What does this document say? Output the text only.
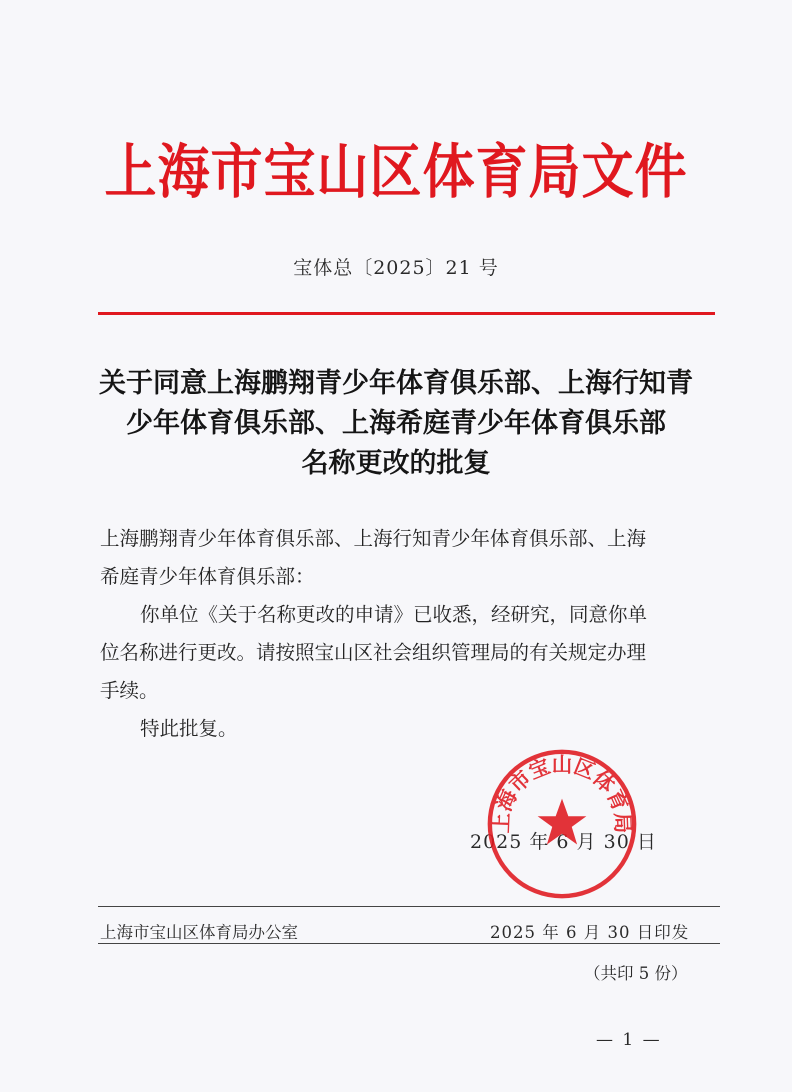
上海市宝山区体育局文件
宝体总〔2025〕21 号
关于同意上海鹏翔青少年体育俱乐部、上海行知青
少年体育俱乐部、上海希庭青少年体育俱乐部
名称更改的批复
上海鹏翔青少年体育俱乐部、上海行知青少年体育俱乐部、上海
希庭青少年体育俱乐部：
你单位《关于名称更改的申请》已收悉，经研究，同意你单
位名称进行更改。请按照宝山区社会组织管理局的有关规定办理
手续。
特此批复。
2025 年 6 月 30 日
上海市宝山区体育局
上海市宝山区体育局办公室	2025 年 6 月 30 日印发
（共印 5 份）
— 1 —
